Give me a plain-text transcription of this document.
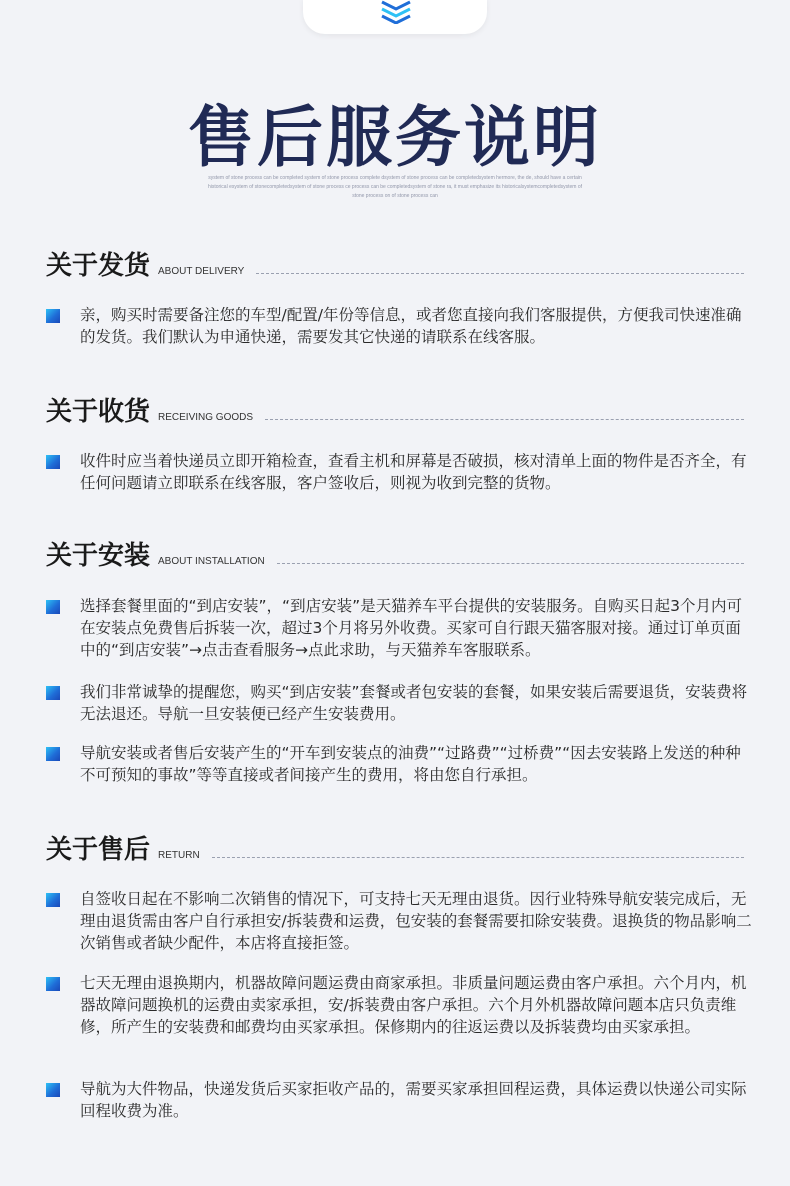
售后服务说明
system of stone process can be completed system of stone process complete dsystem of stone process can be completedsystem hermore, the de, should have a certain historical esystem of stonecompletedsystem of stone process ce process can be completedsystem of stone ra, it must emphasize its historicalsystemcompletedsystem of stone process on of stone process can
关于发货 ABOUT DELIVERY

亲，购买时需要备注您的车型/配置/年份等信息，或者您直接向我们客服提供，方便我司快速准确的发货。我们默认为申通快递，需要发其它快递的请联系在线客服。

关于收货 RECEIVING GOODS

收件时应当着快递员立即开箱检查，查看主机和屏幕是否破损，核对清单上面的物件是否齐全，有任何问题请立即联系在线客服，客户签收后，则视为收到完整的货物。

关于安装 ABOUT INSTALLATION

选择套餐里面的“到店安装”，“到店安装”是天猫养车平台提供的安装服务。自购买日起3个月内可在安装点免费售后拆装一次，超过3个月将另外收费。买家可自行跟天猫客服对接。通过订单页面中的“到店安装”→点击查看服务→点此求助，与天猫养车客服联系。

我们非常诚挚的提醒您，购买“到店安装”套餐或者包安装的套餐，如果安装后需要退货，安装费将无法退还。导航一旦安装便已经产生安装费用。

导航安装或者售后安装产生的“开车到安装点的油费”“过路费”“过桥费”“因去安装路上发送的种种不可预知的事故”等等直接或者间接产生的费用，将由您自行承担。

关于售后 RETURN

自签收日起在不影响二次销售的情况下，可支持七天无理由退货。因行业特殊导航安装完成后，无理由退货需由客户自行承担安/拆装费和运费，包安装的套餐需要扣除安装费。退换货的物品影响二次销售或者缺少配件，本店将直接拒签。

七天无理由退换期内，机器故障问题运费由商家承担。非质量问题运费由客户承担。六个月内，机器故障问题换机的运费由卖家承担，安/拆装费由客户承担。六个月外机器故障问题本店只负责维修，所产生的安装费和邮费均由买家承担。保修期内的往返运费以及拆装费均由买家承担。

导航为大件物品，快递发货后买家拒收产品的，需要买家承担回程运费，具体运费以快递公司实际回程收费为准。
